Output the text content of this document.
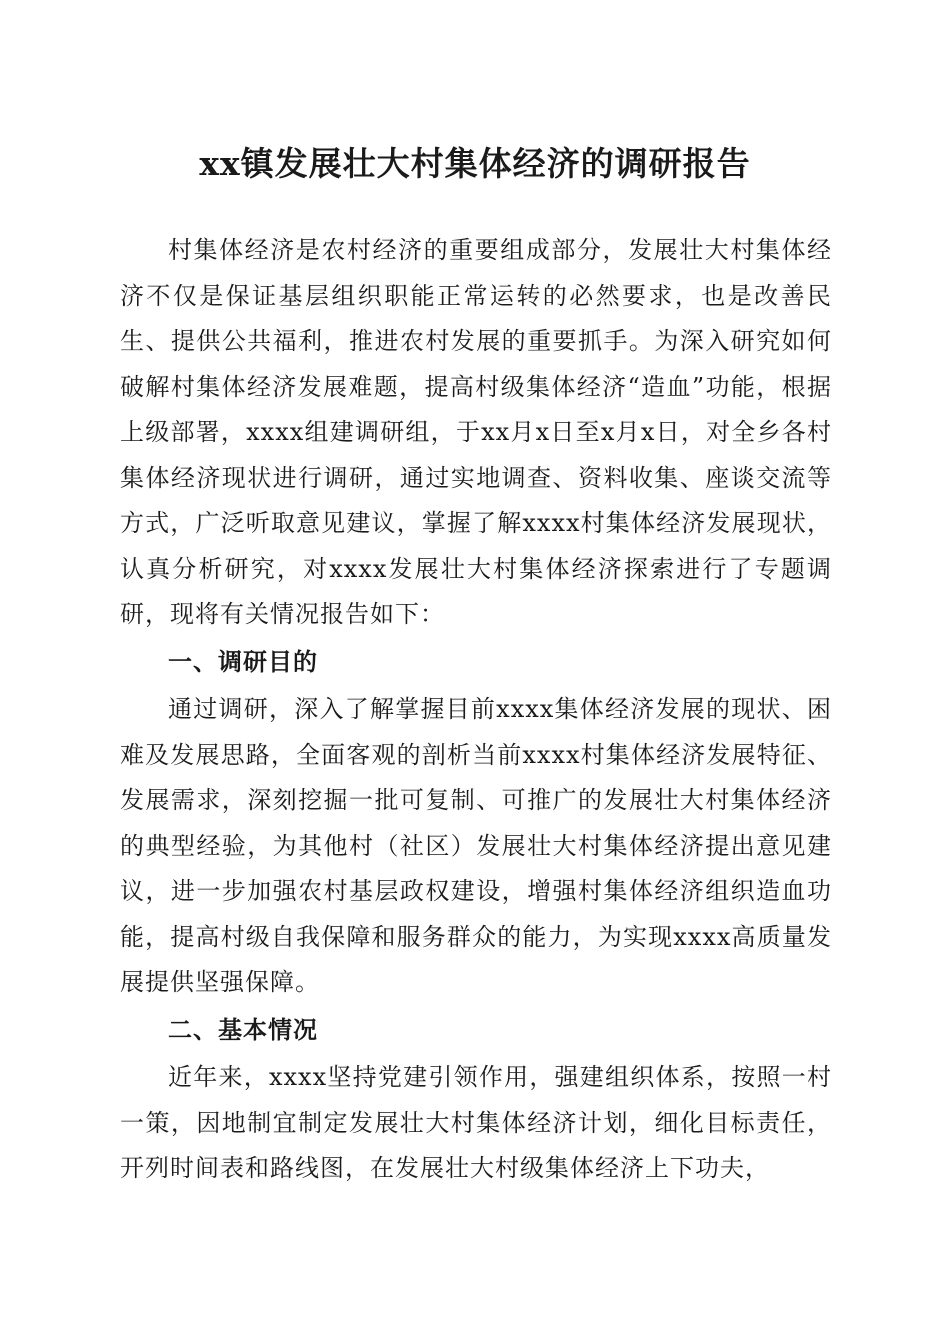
xx镇发展壮大村集体经济的调研报告

村集体经济是农村经济的重要组成部分，发展壮大村集体经济不仅是保证基层组织职能正常运转的必然要求，也是改善民生、提供公共福利，推进农村发展的重要抓手。为深入研究如何破解村集体经济发展难题，提高村级集体经济“造血”功能，根据上级部署，xxxx组建调研组，于xx月x日至x月x日，对全乡各村集体经济现状进行调研，通过实地调查、资料收集、座谈交流等方式，广泛听取意见建议，掌握了解xxxx村集体经济发展现状，认真分析研究，对xxxx发展壮大村集体经济探索进行了专题调研，现将有关情况报告如下：

一、调研目的

通过调研，深入了解掌握目前xxxx集体经济发展的现状、困难及发展思路，全面客观的剖析当前xxxx村集体经济发展特征、发展需求，深刻挖掘一批可复制、可推广的发展壮大村集体经济的典型经验，为其他村（社区）发展壮大村集体经济提出意见建议，进一步加强农村基层政权建设，增强村集体经济组织造血功能，提高村级自我保障和服务群众的能力，为实现xxxx高质量发展提供坚强保障。

二、基本情况

近年来，xxxx坚持党建引领作用，强建组织体系，按照一村一策，因地制宜制定发展壮大村集体经济计划，细化目标责任，开列时间表和路线图，在发展壮大村级集体经济上下功夫，
